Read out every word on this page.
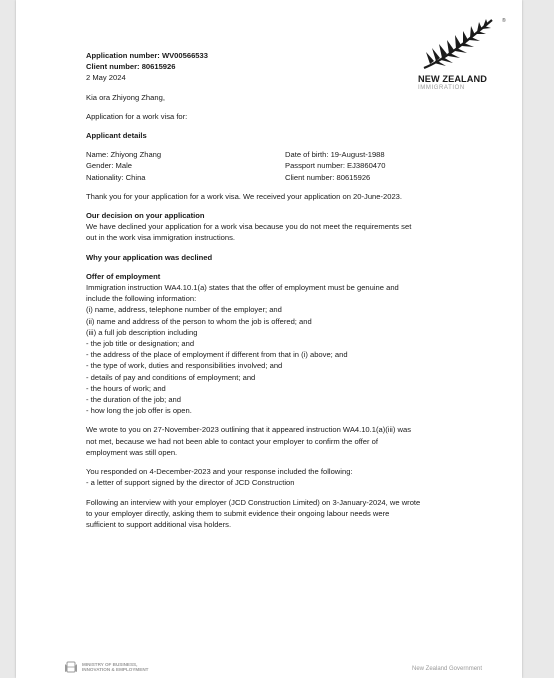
®
NEW ZEALAND
IMMIGRATION
Application number: WV00566533
Client number: 80615926
2 May 2024
Kia ora Zhiyong Zhang,
Application for a work visa for:
Applicant details
Name: Zhiyong Zhang	Date of birth: 19-August-1988
Gender: Male	Passport number: EJ3860470
Nationality: China	Client number: 80615926
Thank you for your application for a work visa. We received your application on 20-June-2023.
Our decision on your application
We have declined your application for a work visa because you do not meet the requirements set
out in the work visa immigration instructions.
Why your application was declined
Offer of employment
Immigration instruction WA4.10.1(a) states that the offer of employment must be genuine and
include the following information:
(i) name, address, telephone number of the employer; and
(ii) name and address of the person to whom the job is offered; and
(iii) a full job description including
- the job title or designation; and
- the address of the place of employment if different from that in (i) above; and
- the type of work, duties and responsibilities involved; and
- details of pay and conditions of employment; and
- the hours of work; and
- the duration of the job; and
- how long the job offer is open.
We wrote to you on 27-November-2023 outlining that it appeared instruction WA4.10.1(a)(iii) was
not met, because we had not been able to contact your employer to confirm the offer of
employment was still open.
You responded on 4-December-2023 and your response included the following:
- a letter of support signed by the director of JCD Construction
Following an interview with your employer (JCD Construction Limited) on 3-January-2024, we wrote
to your employer directly, asking them to submit evidence their ongoing labour needs were
sufficient to support additional visa holders.
MINISTRY OF BUSINESS,
INNOVATION & EMPLOYMENT	New Zealand Government
